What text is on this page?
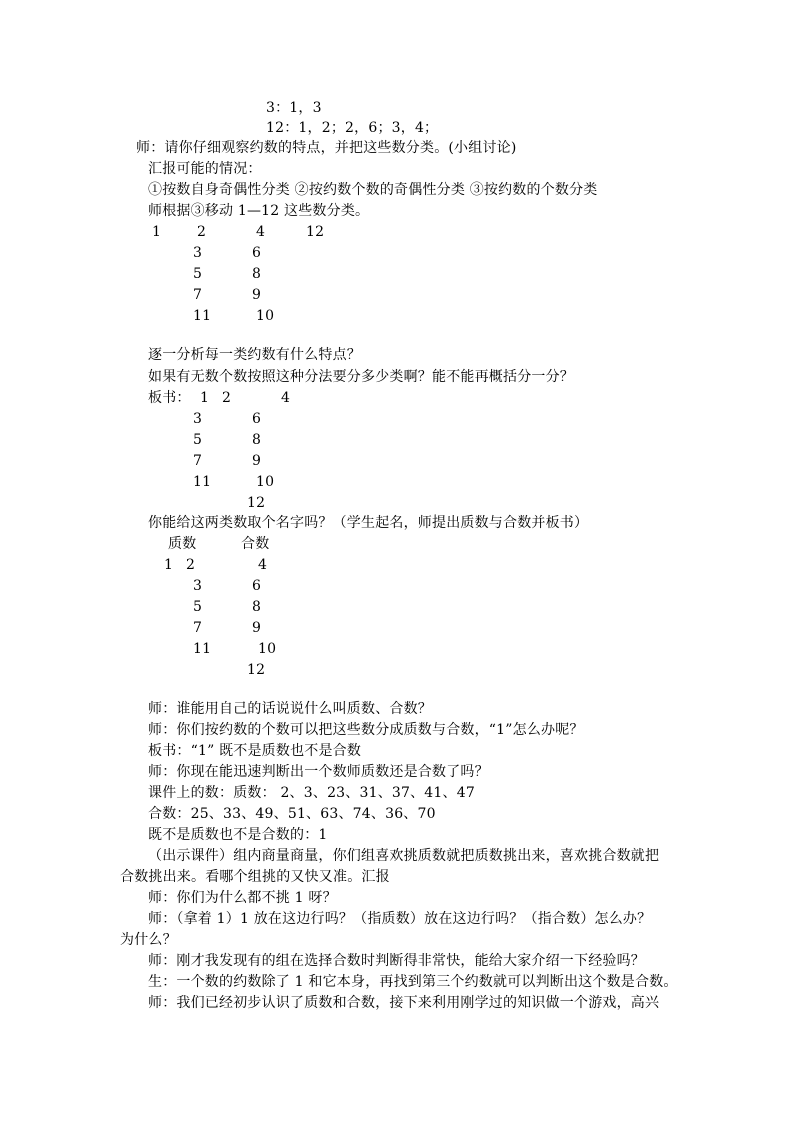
3：1，3
12：1，2；2，6；3，4；
师：请你仔细观察约数的特点，并把这些数分类。(小组讨论)
汇报可能的情况：
①按数自身奇偶性分类 ②按约数个数的奇偶性分类 ③按约数的个数分类
师根据③移动 1—12 这些数分类。
1	2	4	12
3	6
5	8
7	9
11	10
逐一分析每一类约数有什么特点？
如果有无数个数按照这种分法要分多少类啊？能不能再概括分一分？
板书： 1 2	4
3	6
5	8
7	9
11	10
12
你能给这两类数取个名字吗？（学生起名，师提出质数与合数并板书）
质数	合数
1 2	4
3	6
5	8
7	9
11	10
12
师：谁能用自己的话说说什么叫质数、合数？
师：你们按约数的个数可以把这些数分成质数与合数，“1”怎么办呢？
板书：“1” 既不是质数也不是合数
师：你现在能迅速判断出一个数师质数还是合数了吗？
课件上的数：质数： 2、3、23、31、37、41、47
合数：25、33、49、51、63、74、36、70
既不是质数也不是合数的：1
（出示课件）组内商量商量，你们组喜欢挑质数就把质数挑出来，喜欢挑合数就把
合数挑出来。看哪个组挑的又快又准。汇报
师：你们为什么都不挑 1 呀？
师：（拿着 1）1 放在这边行吗？（指质数）放在这边行吗？（指合数）怎么办？
为什么？
师：刚才我发现有的组在选择合数时判断得非常快，能给大家介绍一下经验吗？
生：一个数的约数除了 1 和它本身，再找到第三个约数就可以判断出这个数是合数。
师：我们已经初步认识了质数和合数，接下来利用刚学过的知识做一个游戏，高兴
